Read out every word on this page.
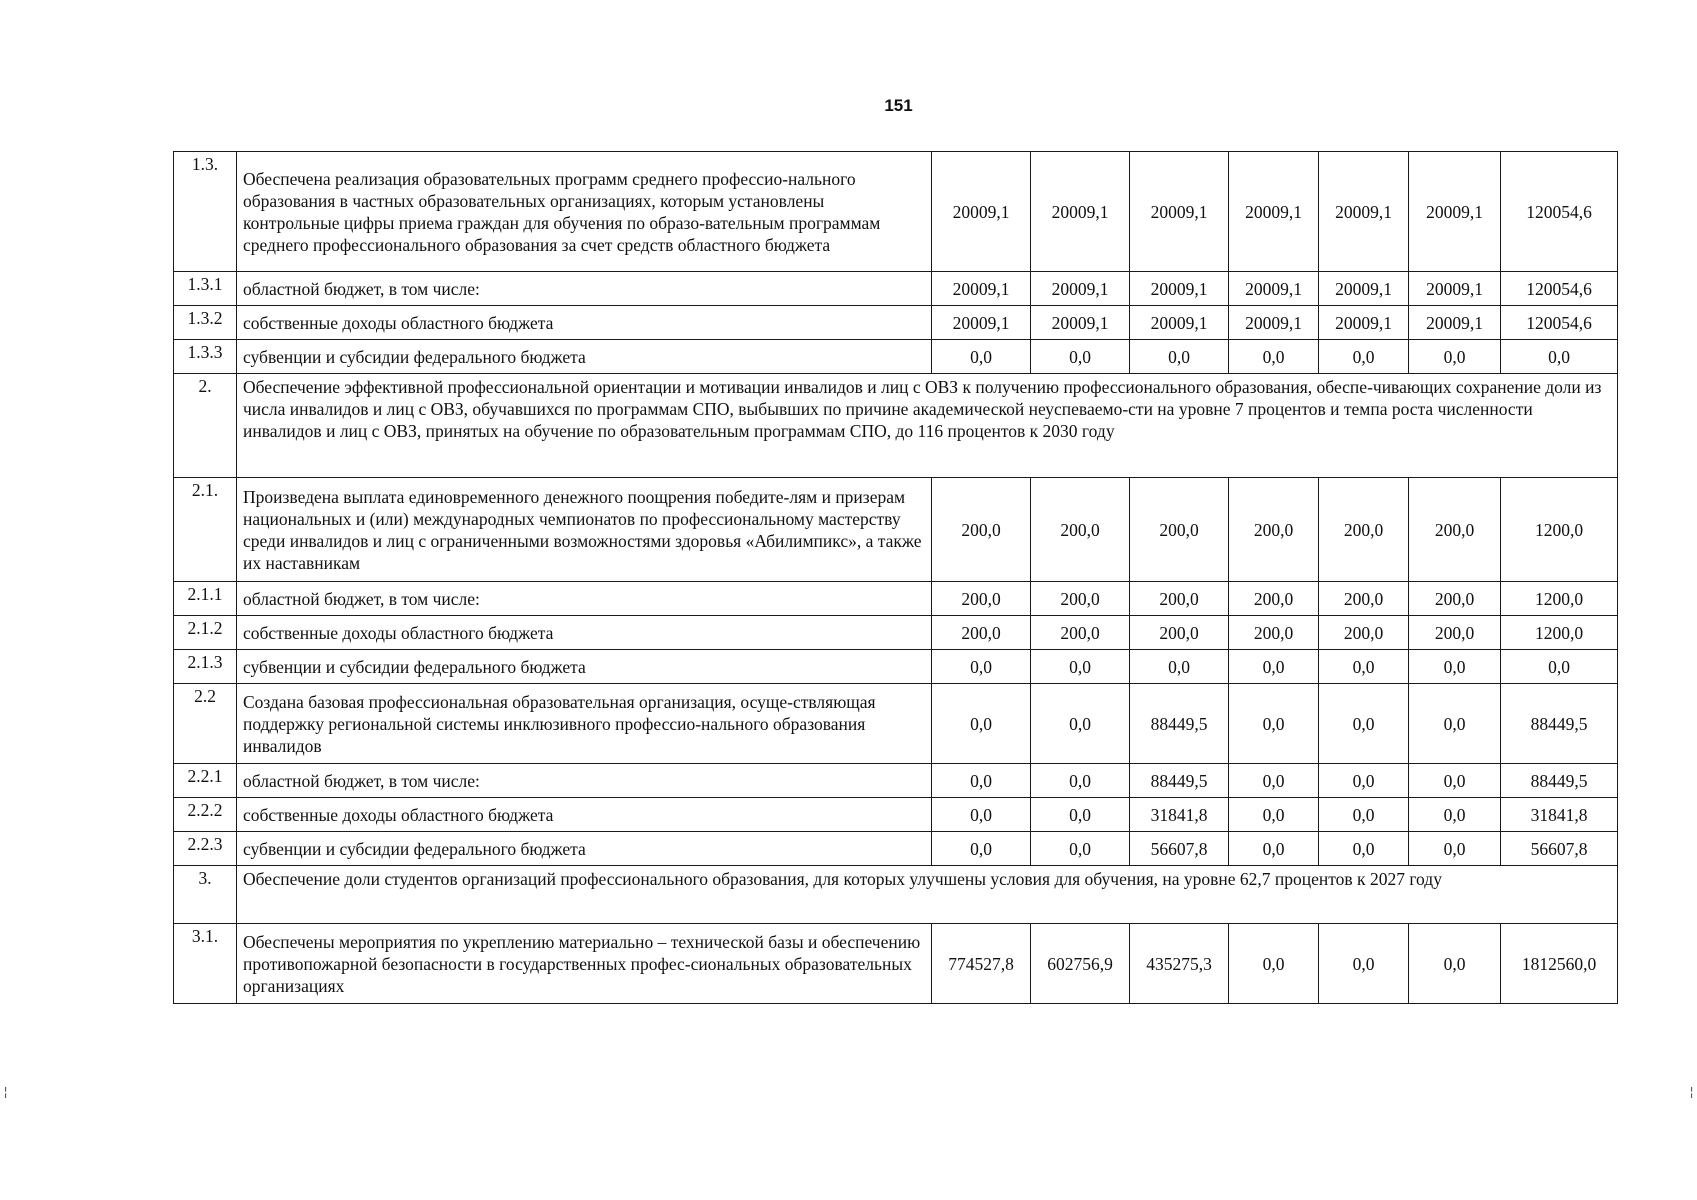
151
1.3.	Обеспечена реализация образовательных программ среднего профессио-нального образования в частных образовательных организациях, которым установлены контрольные цифры приема граждан для обучения по образо-вательным программам среднего профессионального образования за счет средств областного бюджета	20009,1	20009,1	20009,1	20009,1	20009,1	20009,1	120054,6
1.3.1	областной бюджет, в том числе:	20009,1	20009,1	20009,1	20009,1	20009,1	20009,1	120054,6
1.3.2	собственные доходы областного бюджета	20009,1	20009,1	20009,1	20009,1	20009,1	20009,1	120054,6
1.3.3	субвенции и субсидии федерального бюджета	0,0	0,0	0,0	0,0	0,0	0,0	0,0
2.	Обеспечение эффективной профессиональной ориентации и мотивации инвалидов и лиц с ОВЗ к получению профессионального образования, обеспе-чивающих сохранение доли из числа инвалидов и лиц с ОВЗ, обучавшихся по программам СПО, выбывших по причине академической неуспеваемо-сти на уровне 7 процентов и темпа роста численности инвалидов и лиц с ОВЗ, принятых на обучение по образовательным программам СПО, до 116 процентов к 2030 году							
2.1.	Произведена выплата единовременного денежного поощрения победите-лям и призерам национальных и (или) международных чемпионатов по профессиональному мастерству среди инвалидов и лиц с ограниченными возможностями здоровья «Абилимпикс», а также их наставникам	200,0	200,0	200,0	200,0	200,0	200,0	1200,0
2.1.1	областной бюджет, в том числе:	200,0	200,0	200,0	200,0	200,0	200,0	1200,0
2.1.2	собственные доходы областного бюджета	200,0	200,0	200,0	200,0	200,0	200,0	1200,0
2.1.3	субвенции и субсидии федерального бюджета	0,0	0,0	0,0	0,0	0,0	0,0	0,0
2.2	Создана базовая профессиональная образовательная организация, осуще-ствляющая поддержку региональной системы инклюзивного профессио-нального образования инвалидов	0,0	0,0	88449,5	0,0	0,0	0,0	88449,5
2.2.1	областной бюджет, в том числе:	0,0	0,0	88449,5	0,0	0,0	0,0	88449,5
2.2.2	собственные доходы областного бюджета	0,0	0,0	31841,8	0,0	0,0	0,0	31841,8
2.2.3	субвенции и субсидии федерального бюджета	0,0	0,0	56607,8	0,0	0,0	0,0	56607,8
3.	Обеспечение доли студентов организаций профессионального образования, для которых улучшены условия для обучения, на уровне 62,7 процентов к 2027 году							
3.1.	Обеспечены мероприятия по укреплению материально – технической базы и обеспечению противопожарной безопасности в государственных профес-сиональных образовательных организациях	774527,8	602756,9	435275,3	0,0	0,0	0,0	1812560,0
¦	¦
